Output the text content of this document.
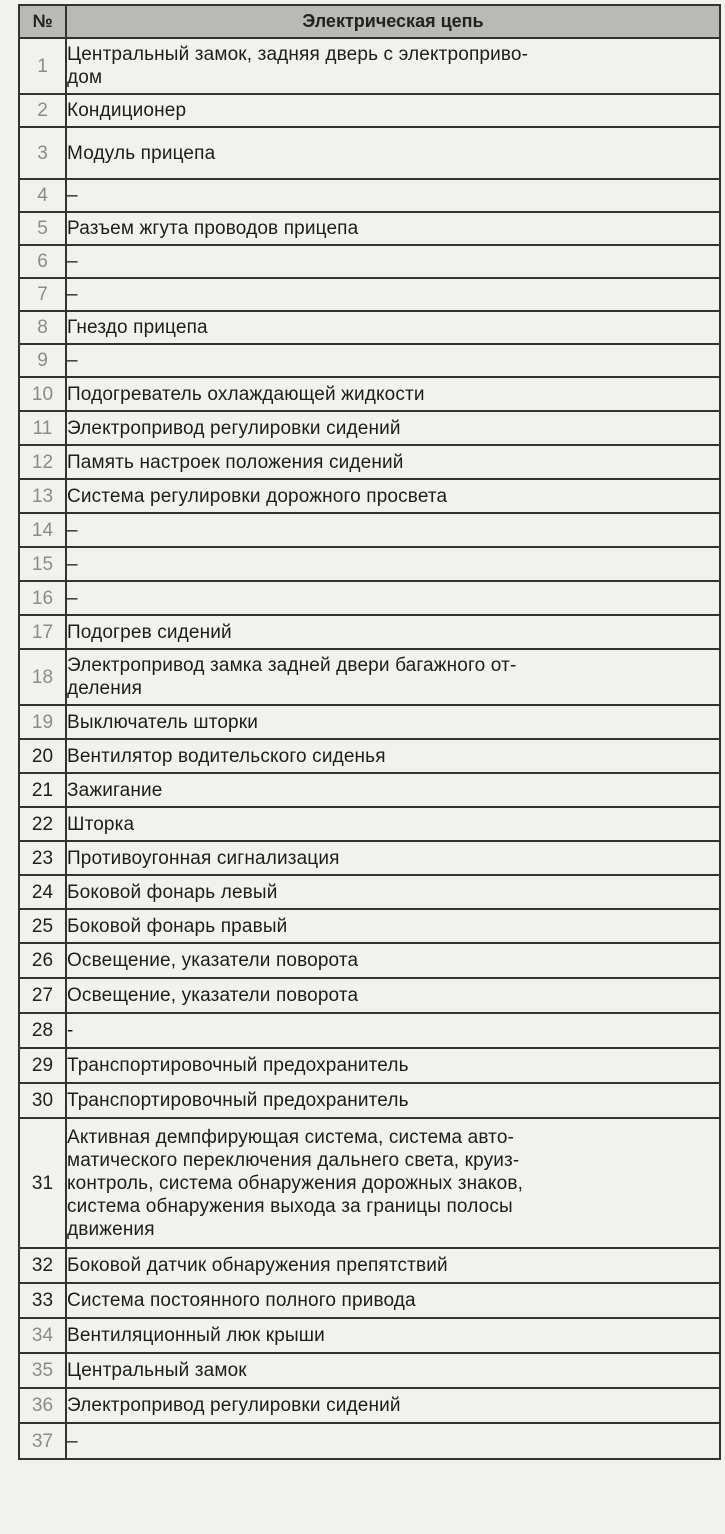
№	Электрическая цепь
1	Центральный замок, задняя дверь с электроприво-
дом

2	Кондиционер
3	Модуль прицепа
4	–
5	Разъем жгута проводов прицепа
6	–
7	–
8	Гнездо прицепа
9	–
10	Подогреватель охлаждающей жидкости
11	Электропривод регулировки сидений
12	Память настроек положения сидений
13	Система регулировки дорожного просвета
14	–
15	–
16	–
17	Подогрев сидений
18	Электропривод замка задней двери багажного от-
деления

19	Выключатель шторки
20	Вентилятор водительского сиденья
21	Зажигание
22	Шторка
23	Противоугонная сигнализация
24	Боковой фонарь левый
25	Боковой фонарь правый
26	Освещение, указатели поворота
27	Освещение, указатели поворота
28	-
29	Транспортировочный предохранитель
30	Транспортировочный предохранитель
31	Активная демпфирующая система, система авто-
матического переключения дальнего света, круиз-
контроль, система обнаружения дорожных знаков,
система обнаружения выхода за границы полосы
движения

32	Боковой датчик обнаружения препятствий
33	Система постоянного полного привода
34	Вентиляционный люк крыши
35	Центральный замок
36	Электропривод регулировки сидений
37	–
